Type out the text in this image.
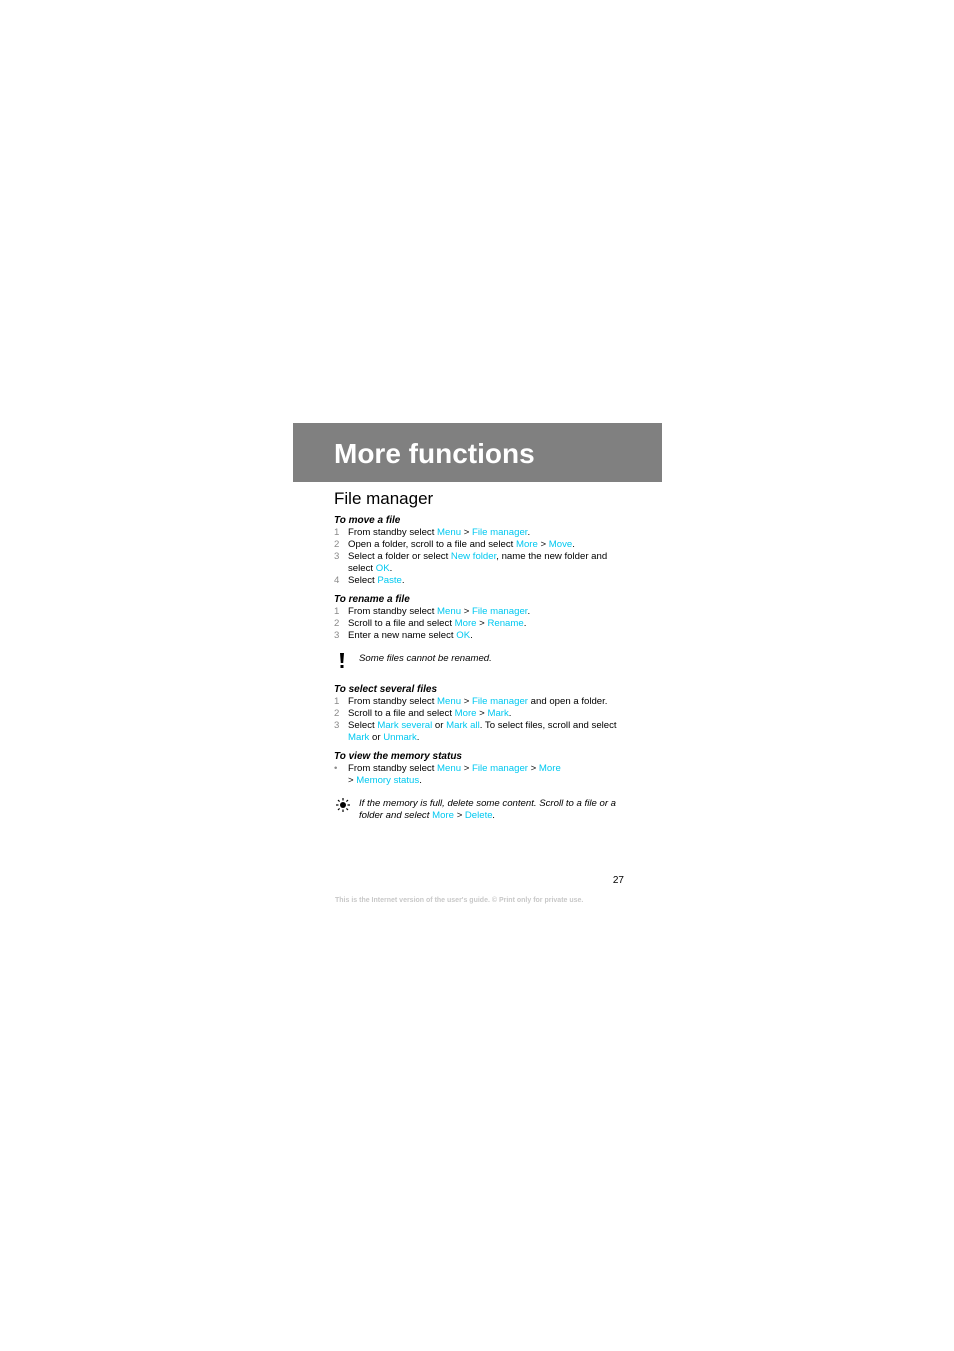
More functions
File manager

To move a file

1 From standby select Menu > File manager.
2 Open a folder, scroll to a file and select More > Move.
3 Select a folder or select New folder, name the new folder and select OK.
4 Select Paste.

To rename a file

1 From standby select Menu > File manager.
2 Scroll to a file and select More > Rename.
3 Enter a new name select OK.
Some files cannot be renamed.

To select several files

1 From standby select Menu > File manager and open a folder.
2 Scroll to a file and select More > Mark.
3 Select Mark several or Mark all. To select files, scroll and select Mark or Unmark.

To view the memory status

• From standby select Menu > File manager > More
> Memory status.
If the memory is full, delete some content. Scroll to a file or a folder and select More > Delete.
27
This is the Internet version of the user's guide. © Print only for private use.
